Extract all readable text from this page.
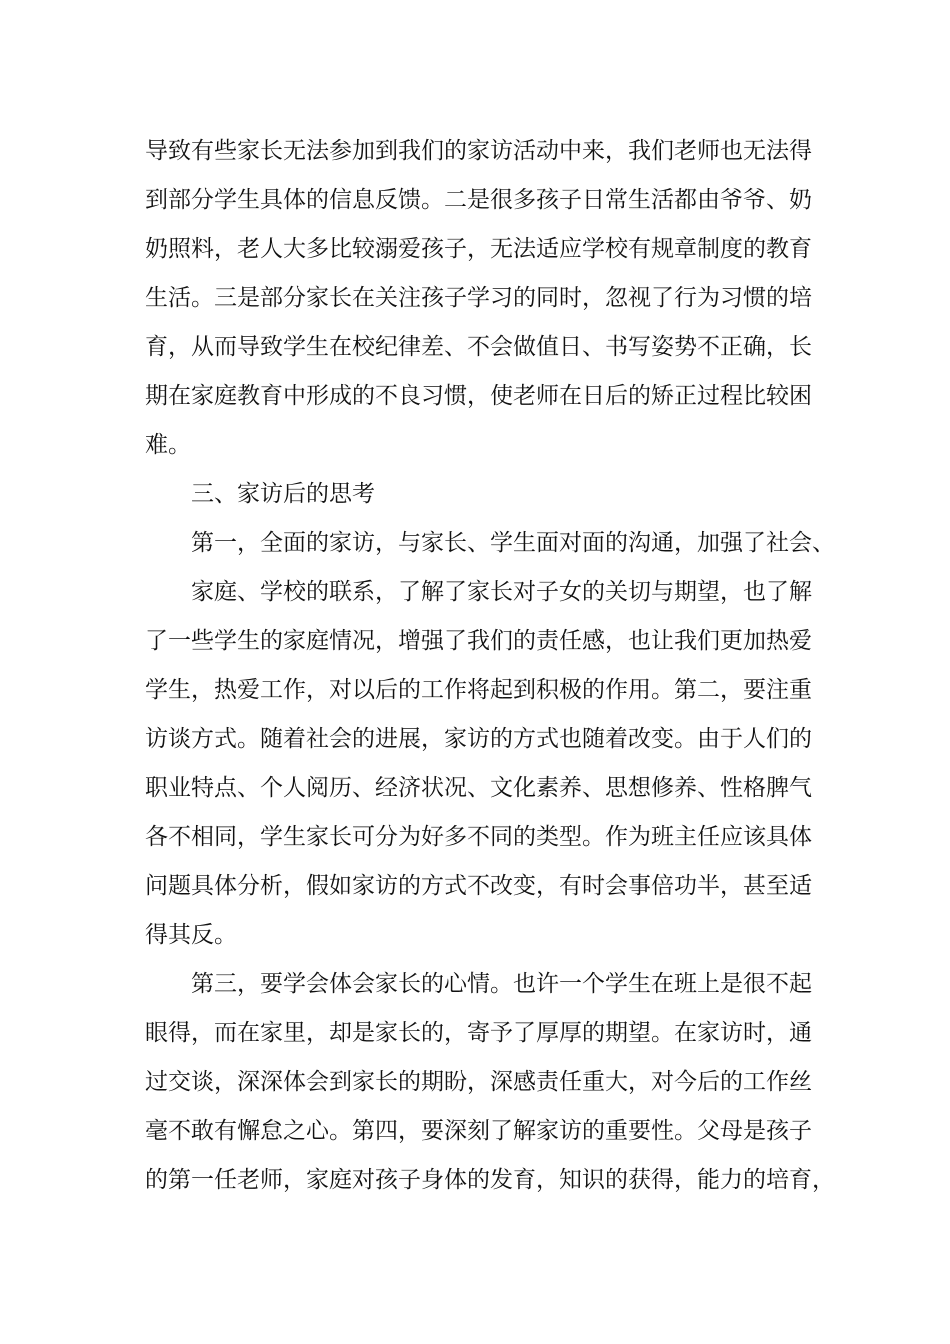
导致有些家长无法参加到我们的家访活动中来，我们老师也无法得
到部分学生具体的信息反馈。二是很多孩子日常生活都由爷爷、奶
奶照料，老人大多比较溺爱孩子，无法适应学校有规章制度的教育
生活。三是部分家长在关注孩子学习的同时，忽视了行为习惯的培
育，从而导致学生在校纪律差、不会做值日、书写姿势不正确，长
期在家庭教育中形成的不良习惯，使老师在日后的矫正过程比较困
难。
三、家访后的思考
第一，全面的家访，与家长、学生面对面的沟通，加强了社会、
家庭、学校的联系，了解了家长对子女的关切与期望，也了解
了一些学生的家庭情况，增强了我们的责任感，也让我们更加热爱
学生，热爱工作，对以后的工作将起到积极的作用。第二，要注重
访谈方式。随着社会的进展，家访的方式也随着改变。由于人们的
职业特点、个人阅历、经济状况、文化素养、思想修养、性格脾气
各不相同，学生家长可分为好多不同的类型。作为班主任应该具体
问题具体分析，假如家访的方式不改变，有时会事倍功半，甚至适
得其反。
第三，要学会体会家长的心情。也许一个学生在班上是很不起
眼得，而在家里，却是家长的，寄予了厚厚的期望。在家访时，通
过交谈，深深体会到家长的期盼，深感责任重大，对今后的工作丝
毫不敢有懈怠之心。第四，要深刻了解家访的重要性。父母是孩子
的第一任老师，家庭对孩子身体的发育，知识的获得，能力的培育，
